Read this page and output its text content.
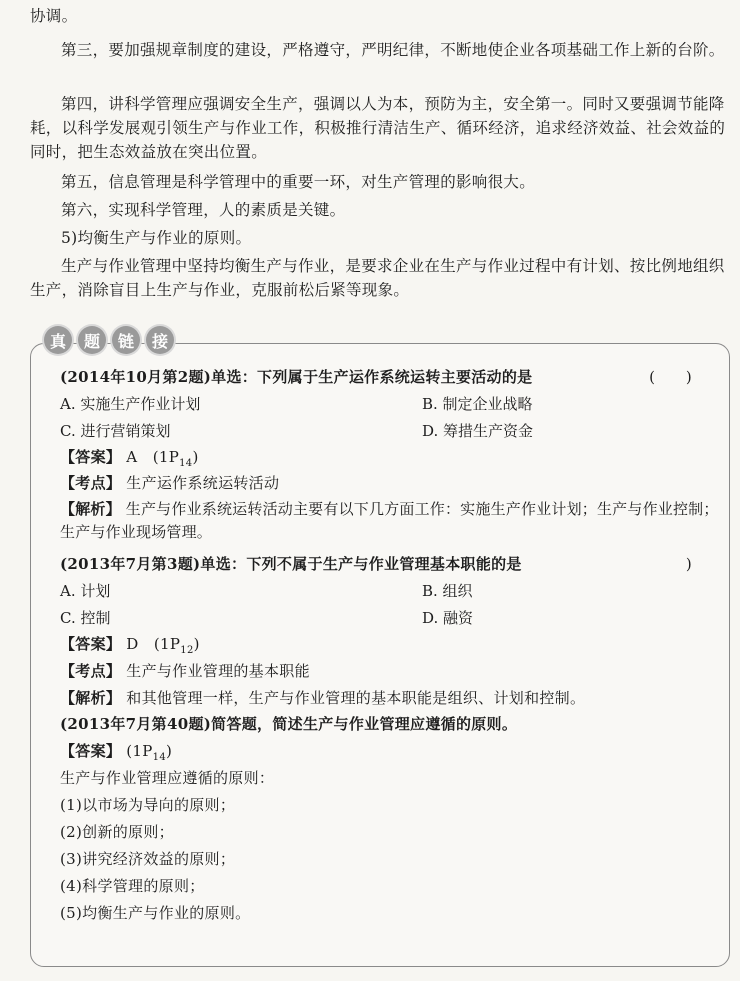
协调。

第三，要加强规章制度的建设，严格遵守，严明纪律，不断地使企业各项基础工作上新的台阶。

第四，讲科学管理应强调安全生产，强调以人为本，预防为主，安全第一。同时又要强调节能降耗，以科学发展观引领生产与作业工作，积极推行清洁生产、循环经济，追求经济效益、社会效益的同时，把生态效益放在突出位置。

第五，信息管理是科学管理中的重要一环，对生产管理的影响很大。

第六，实现科学管理，人的素质是关键。

5)均衡生产与作业的原则。

生产与作业管理中坚持均衡生产与作业，是要求企业在生产与作业过程中有计划、按比例地组织生产，消除盲目上生产与作业，克服前松后紧等现象。

真	题	链	接
(2014年10月第2题)单选：下列属于生产运作系统运转主要活动的是	(　　)
A. 实施生产作业计划	B. 制定企业战略
C. 进行营销策划	D. 筹措生产资金
【答案】 A　$(1P_{14})$
【考点】 生产运作系统运转活动
【解析】 生产与作业系统运转活动主要有以下几方面工作：实施生产作业计划；生产与作业控制；生产与作业现场管理。
(2013年7月第3题)单选：下列不属于生产与作业管理基本职能的是	)
A. 计划	B. 组织
C. 控制	D. 融资
【答案】 D　$(1P_{12})$
【考点】 生产与作业管理的基本职能
【解析】 和其他管理一样，生产与作业管理的基本职能是组织、计划和控制。
(2013年7月第40题)简答题，简述生产与作业管理应遵循的原则。
【答案】 $(1P_{14})$
生产与作业管理应遵循的原则：
(1)以市场为导向的原则；
(2)创新的原则；
(3)讲究经济效益的原则；
(4)科学管理的原则；
(5)均衡生产与作业的原则。
